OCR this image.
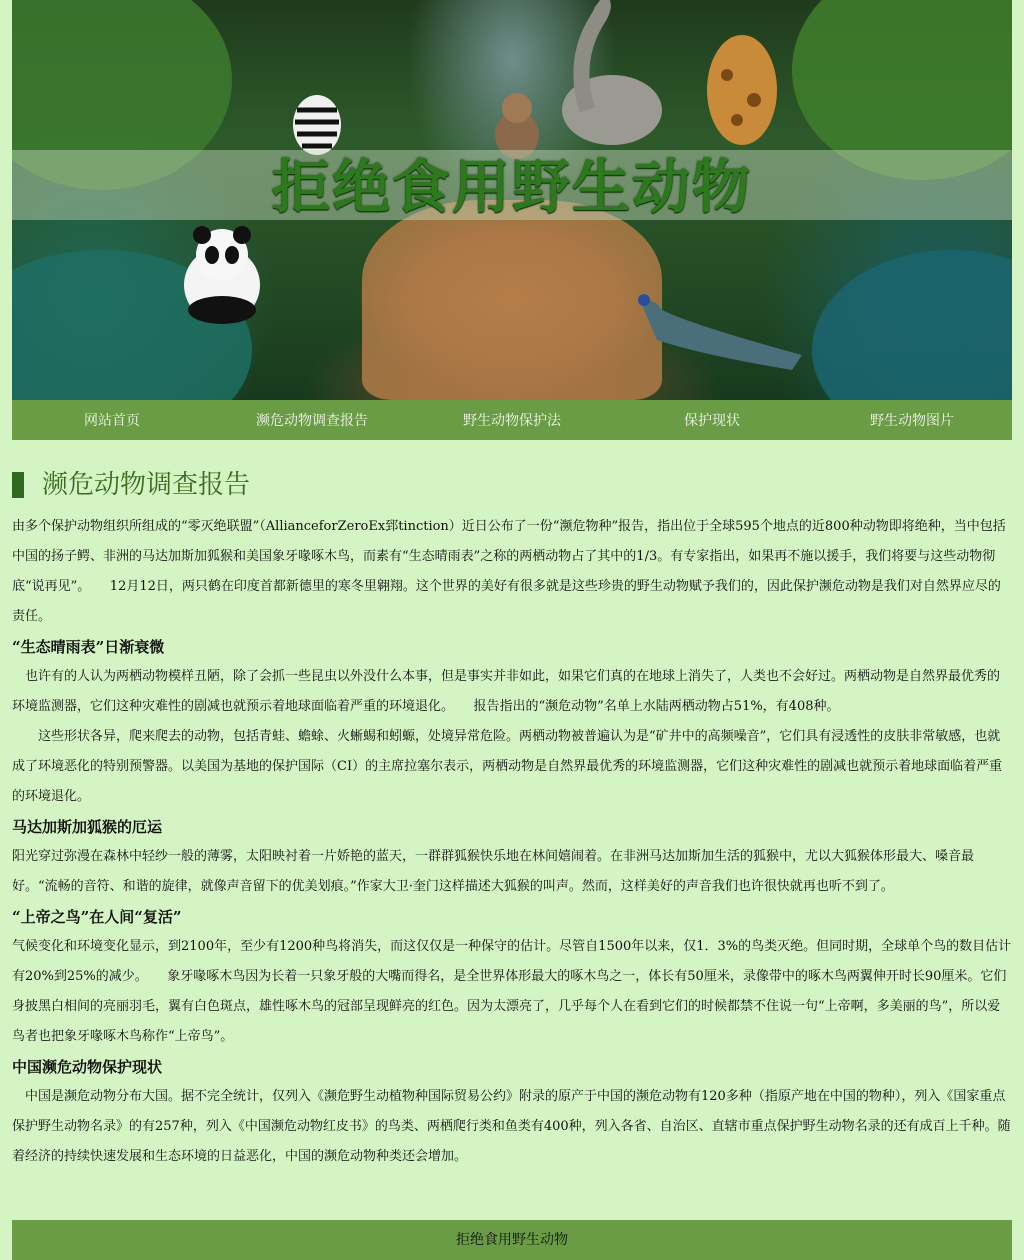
拒绝食用野生动物
网站首页	濒危动物调查报告	野生动物保护法	保护现状	野生动物图片
濒危动物调查报告

由多个保护动物组织所组成的“零灭绝联盟”（AllianceforZeroEx郅tinction）近日公布了一份“濒危物种”报告，指出位于全球595个地点的近800种动物即将绝种，当中包括中国的扬子鳄、非洲的马达加斯加狐猴和美国象牙喙啄木鸟，而素有“生态晴雨表”之称的两栖动物占了其中的1/3。有专家指出，如果再不施以援手，我们将要与这些动物彻底“说再见”。　　12月12日，两只鹤在印度首都新德里的寒冬里翱翔。这个世界的美好有很多就是这些珍贵的野生动物赋予我们的，因此保护濒危动物是我们对自然界应尽的责任。

“生态晴雨表”日渐衰微

　也许有的人认为两栖动物模样丑陋，除了会抓一些昆虫以外没什么本事，但是事实并非如此，如果它们真的在地球上消失了，人类也不会好过。两栖动物是自然界最优秀的环境监测器，它们这种灾难性的剧减也就预示着地球面临着严重的环境退化。　　报告指出的“濒危动物”名单上水陆两栖动物占51%，有408种。

　　这些形状各异，爬来爬去的动物，包括青蛙、蟾蜍、火蜥蜴和蚓螈，处境异常危险。两栖动物被普遍认为是“矿井中的高频噪音”，它们具有浸透性的皮肤非常敏感，也就成了环境恶化的特别预警器。以美国为基地的保护国际（CI）的主席拉塞尔表示，两栖动物是自然界最优秀的环境监测器，它们这种灾难性的剧减也就预示着地球面临着严重的环境退化。

马达加斯加狐猴的厄运

阳光穿过弥漫在森林中轻纱一般的薄雾，太阳映衬着一片娇艳的蓝天，一群群狐猴快乐地在林间嬉闹着。在非洲马达加斯加生活的狐猴中，尤以大狐猴体形最大、嗓音最好。“流畅的音符、和谐的旋律，就像声音留下的优美划痕。”作家大卫·奎门这样描述大狐猴的叫声。然而，这样美好的声音我们也许很快就再也听不到了。

“上帝之鸟”在人间“复活”

气候变化和环境变化显示，到2100年，至少有1200种鸟将消失，而这仅仅是一种保守的估计。尽管自1500年以来，仅1．3%的鸟类灭绝。但同时期，全球单个鸟的数目估计有20%到25%的减少。　　象牙喙啄木鸟因为长着一只象牙般的大嘴而得名，是全世界体形最大的啄木鸟之一，体长有50厘米，录像带中的啄木鸟两翼伸开时长90厘米。它们身披黑白相间的亮丽羽毛，翼有白色斑点，雄性啄木鸟的冠部呈现鲜亮的红色。因为太漂亮了，几乎每个人在看到它们的时候都禁不住说一句“上帝啊，多美丽的鸟”，所以爱鸟者也把象牙喙啄木鸟称作“上帝鸟”。

中国濒危动物保护现状

　中国是濒危动物分布大国。据不完全统计，仅列入《濒危野生动植物种国际贸易公约》附录的原产于中国的濒危动物有120多种（指原产地在中国的物种），列入《国家重点保护野生动物名录》的有257种，列入《中国濒危动物红皮书》的鸟类、两栖爬行类和鱼类有400种，列入各省、自治区、直辖市重点保护野生动物名录的还有成百上千种。随着经济的持续快速发展和生态环境的日益恶化，中国的濒危动物种类还会增加。

拒绝食用野生动物
